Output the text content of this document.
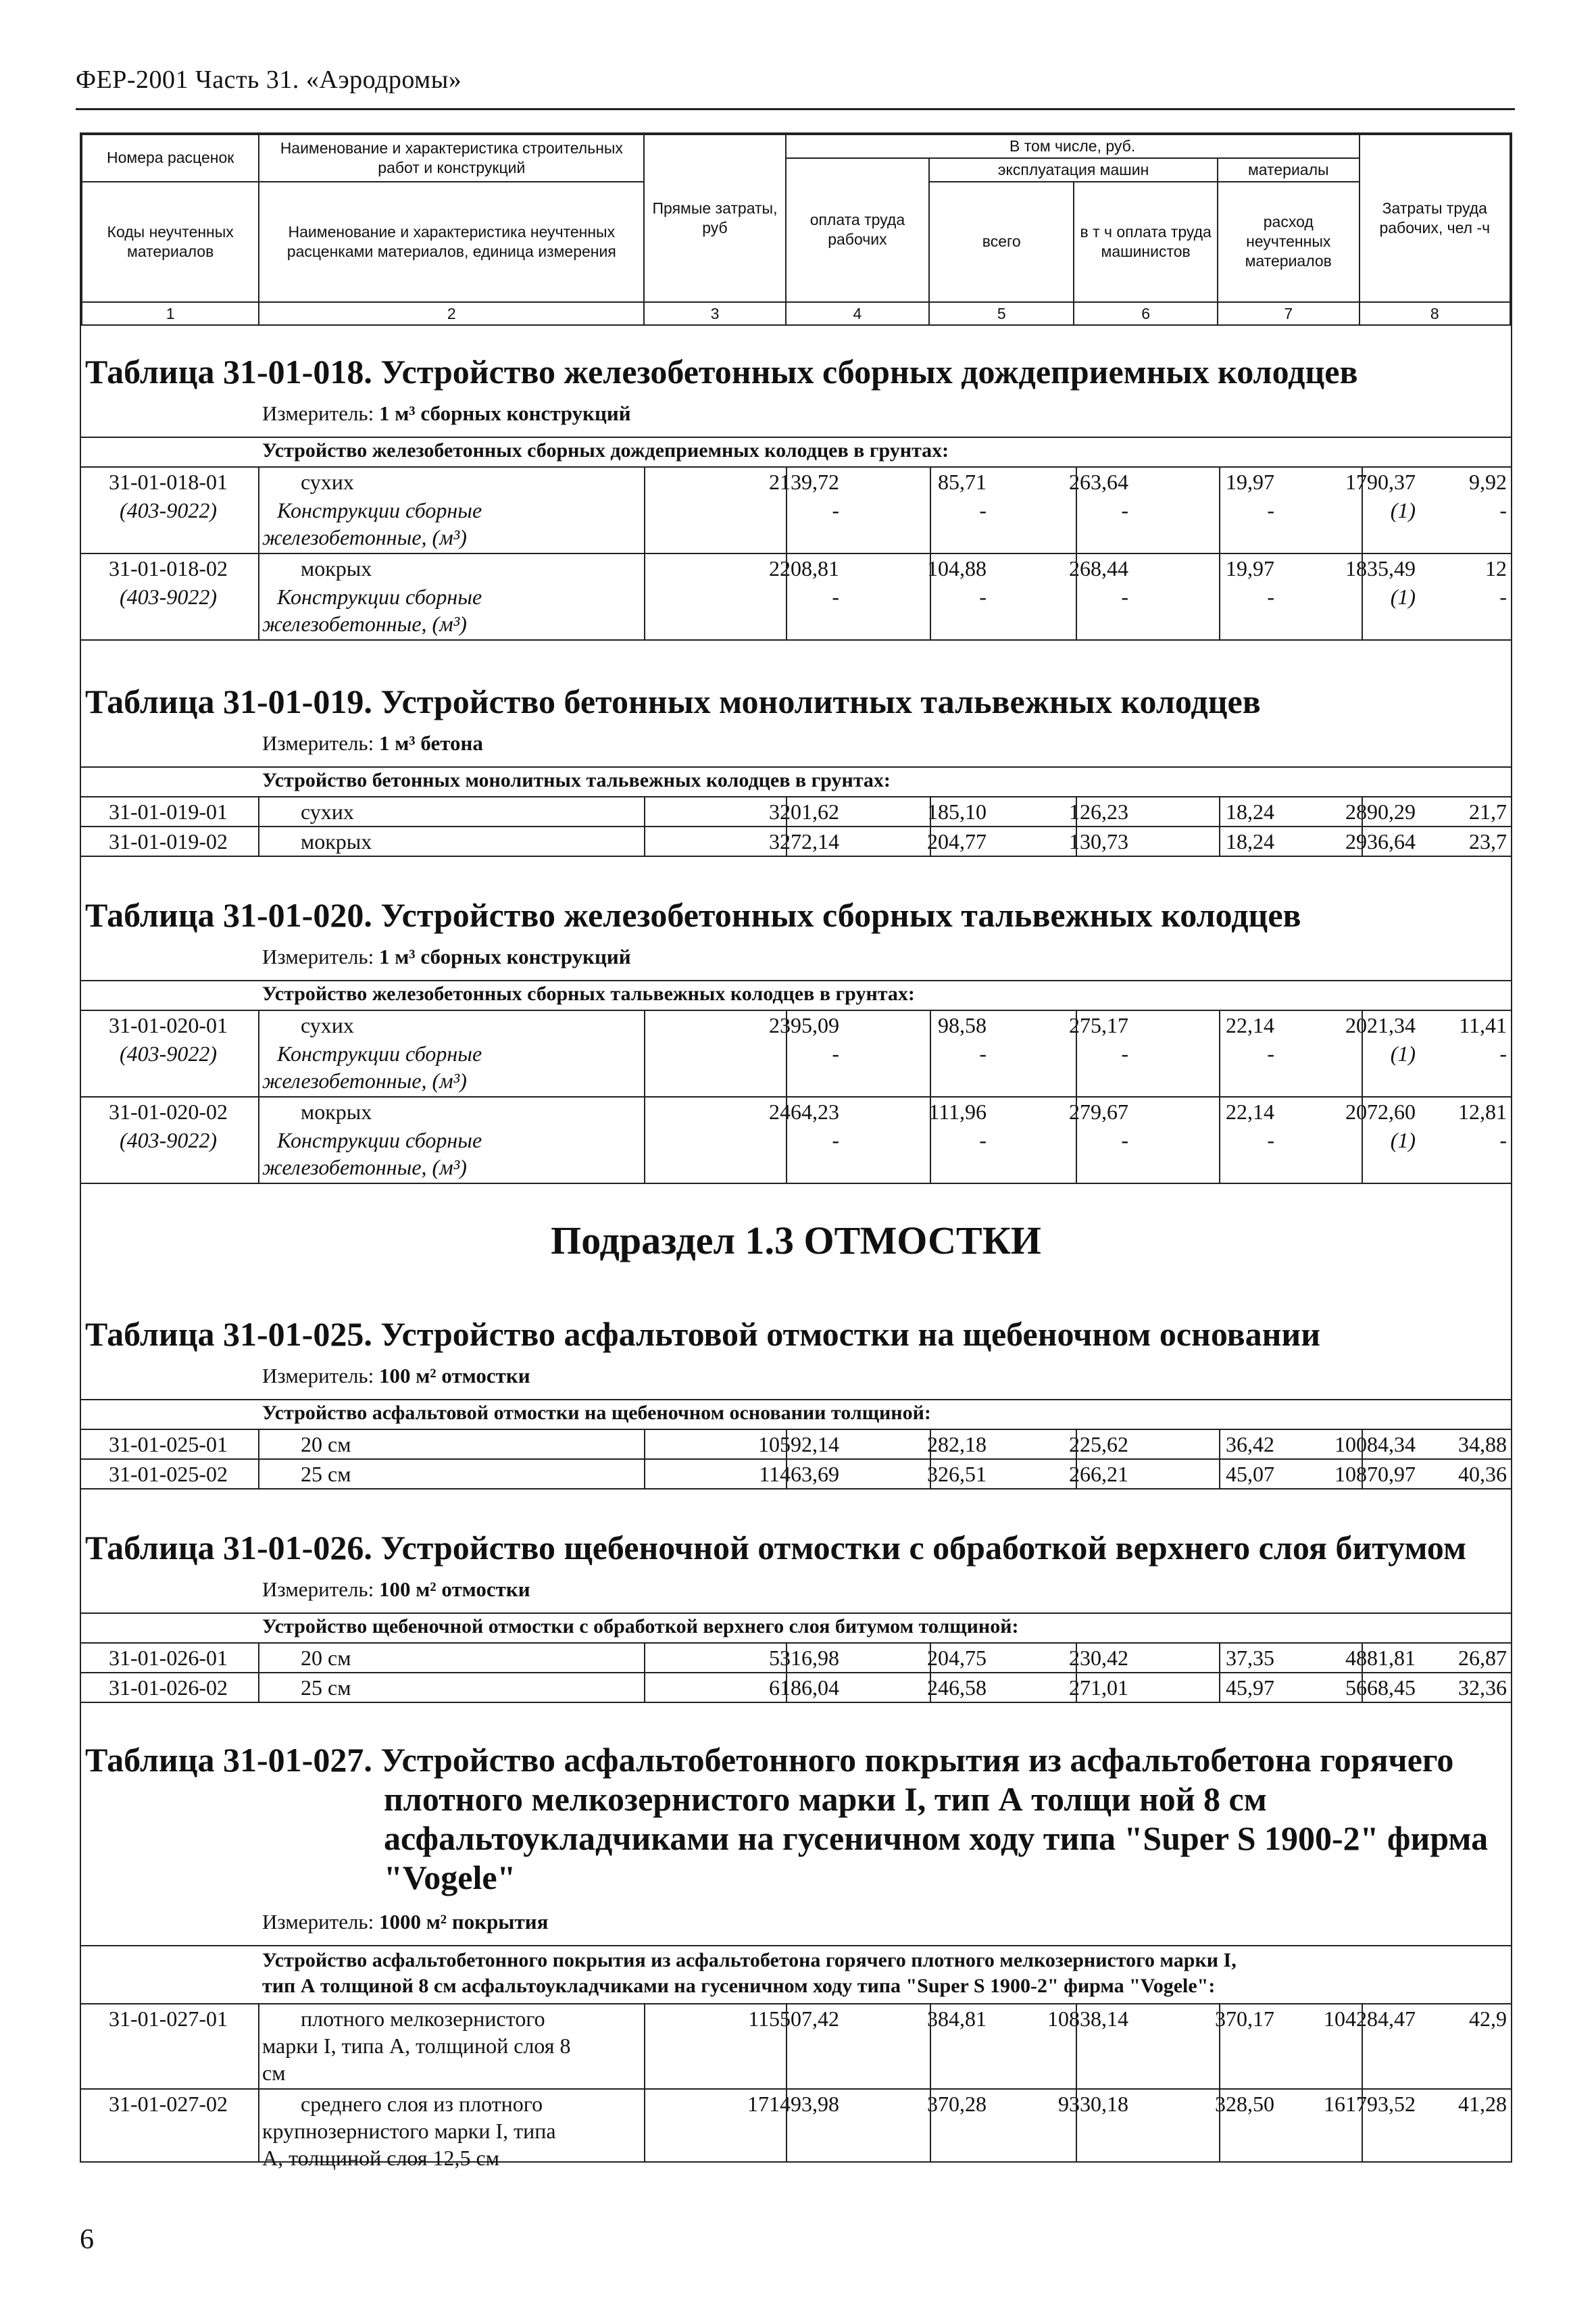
ФЕР-2001 Часть 31. «Аэродромы»
Номера расценок	Наименование и характеристика строительных работ и конструкций	Прямые затраты, руб	В том числе, руб.				Затраты труда рабочих, чел -ч
			оплата труда рабочих	эксплуатация машин		материалы	
Коды неучтенных материалов	Наименование и характеристика неучтенных расценками материалов, единица измерения			всего	в т ч оплата труда машинистов	расход неучтенных материалов	

1	2	3	4	5	6	7	8
Таблица 31-01-018. Устройство железобетонных сборных дождеприемных колодцев
Измеритель: 1 м³ сборных конструкций
Устройство железобетонных сборных дождеприемных колодцев в грунтах:
31-01-018-01	сухих	2139,72	85,71	263,64	19,97	1790,37	9,92
(403-9022)	Конструкции сборные	-	-	-	-	(1)	-
железобетонные, (м³)
31-01-018-02	мокрых	2208,81	104,88	268,44	19,97	1835,49	12
(403-9022)	Конструкции сборные	-	-	-	-	(1)	-
железобетонные, (м³)
Таблица 31-01-019. Устройство бетонных монолитных тальвежных колодцев
Измеритель: 1 м³ бетона
Устройство бетонных монолитных тальвежных колодцев в грунтах:
31-01-019-01	сухих	3201,62	185,10	126,23	18,24	2890,29	21,7
31-01-019-02	мокрых	3272,14	204,77	130,73	18,24	2936,64	23,7
Таблица 31-01-020. Устройство железобетонных сборных тальвежных колодцев
Измеритель: 1 м³ сборных конструкций
Устройство железобетонных сборных тальвежных колодцев в грунтах:
31-01-020-01	сухих	2395,09	98,58	275,17	22,14	2021,34	11,41
(403-9022)	Конструкции сборные	-	-	-	-	(1)	-
железобетонные, (м³)
31-01-020-02	мокрых	2464,23	111,96	279,67	22,14	2072,60	12,81
(403-9022)	Конструкции сборные	-	-	-	-	(1)	-
железобетонные, (м³)
Подраздел 1.3 ОТМОСТКИ
Таблица 31-01-025. Устройство асфальтовой отмостки на щебеночном основании
Измеритель: 100 м² отмостки
Устройство асфальтовой отмостки на щебеночном основании толщиной:
31-01-025-01	20 см	10592,14	282,18	225,62	36,42	10084,34	34,88
31-01-025-02	25 см	11463,69	326,51	266,21	45,07	10870,97	40,36
Таблица 31-01-026. Устройство щебеночной отмостки с обработкой верхнего слоя битумом
Измеритель: 100 м² отмостки
Устройство щебеночной отмостки с обработкой верхнего слоя битумом толщиной:
31-01-026-01	20 см	5316,98	204,75	230,42	37,35	4881,81	26,87
31-01-026-02	25 см	6186,04	246,58	271,01	45,97	5668,45	32,36
Таблица 31-01-027. Устройство асфальтобетонного покрытия из асфальтобетона горячего
плотного мелкозернистого марки I, тип А толщи ной 8 см
асфальтоукладчиками на гусеничном ходу типа "Super S 1900-2" фирма
"Vogele"
Измеритель: 1000 м² покрытия
Устройство асфальтобетонного покрытия из асфальтобетона горячего плотного мелкозернистого марки I,
тип А толщиной 8 см асфальтоукладчиками на гусеничном ходу типа "Super S 1900-2" фирма "Vogele":
31-01-027-01	плотного мелкозернистого	115507,42	384,81	10838,14	370,17	104284,47	42,9
марки I, типа А, толщиной слоя 8
см
31-01-027-02	среднего слоя из плотного	171493,98	370,28	9330,18	328,50	161793,52	41,28
крупнозернистого марки I, типа
А, толщиной слоя 12,5 см
6
